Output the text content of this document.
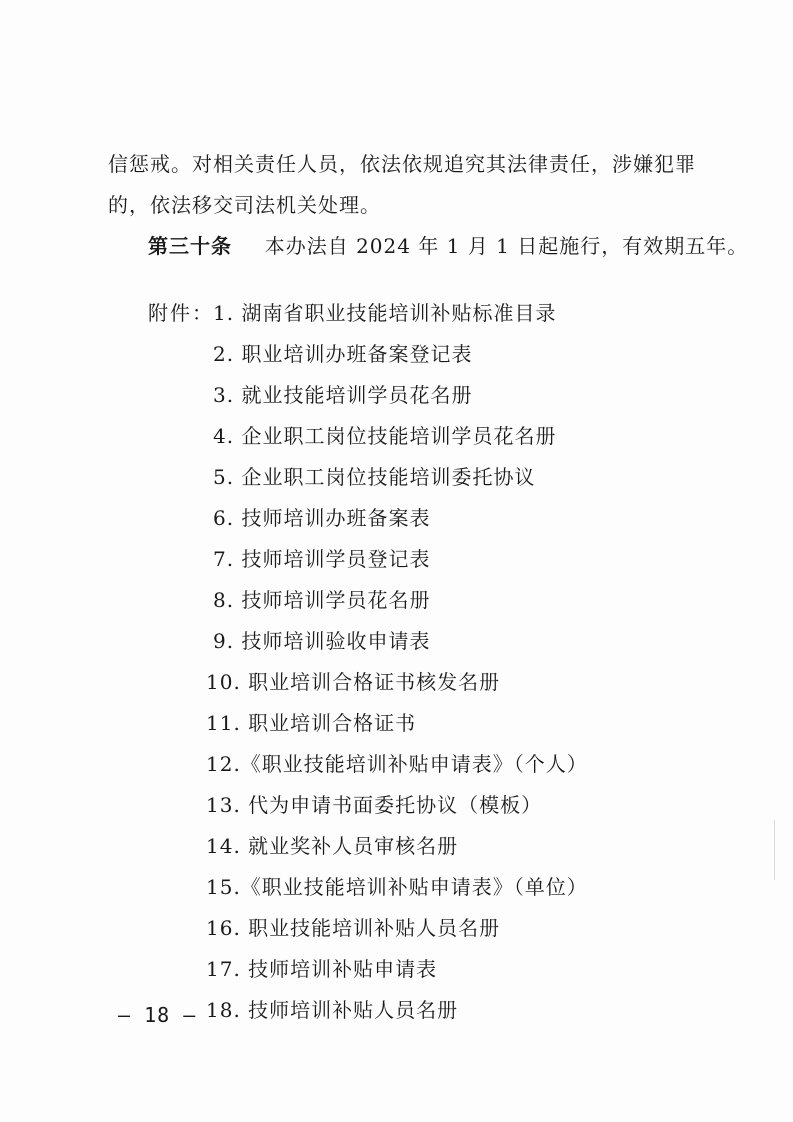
信惩戒。对相关责任人员，依法依规追究其法律责任，涉嫌犯罪
的，依法移交司法机关处理。
第三十条 本办法自 2024 年 1 月 1 日起施行，有效期五年。
附件： 1. 湖南省职业技能培训补贴标准目录
2. 职业培训办班备案登记表
3. 就业技能培训学员花名册
4. 企业职工岗位技能培训学员花名册
5. 企业职工岗位技能培训委托协议
6. 技师培训办班备案表
7. 技师培训学员登记表
8. 技师培训学员花名册
9. 技师培训验收申请表
10. 职业培训合格证书核发名册
11. 职业培训合格证书
12.《职业技能培训补贴申请表》（个人）
13. 代为申请书面委托协议（模板）
14. 就业奖补人员审核名册
15.《职业技能培训补贴申请表》（单位）
16. 职业技能培训补贴人员名册
17. 技师培训补贴申请表
18. 技师培训补贴人员名册
— 18 —
